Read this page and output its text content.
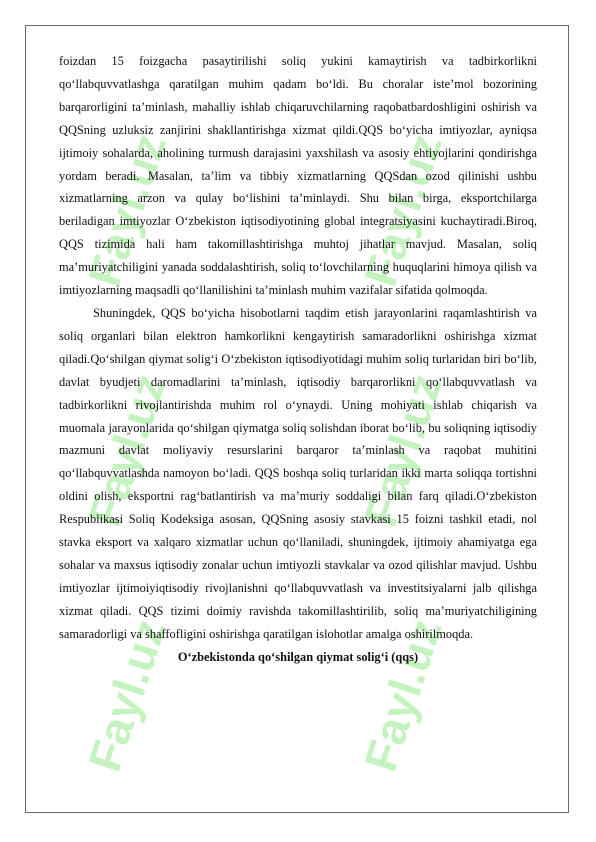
Fayl.uz	Fayl.uz
Fayl.uz	Fayl.uz
Fayl.uz	Fayl.uz

foizdan 15 foizgacha pasaytirilishi soliq yukini kamaytirish va tadbirkorlikni qo‘llabquvvatlashga qaratilgan muhim qadam bo‘ldi. Bu choralar iste’mol bozorining barqarorligini ta’minlash, mahalliy ishlab chiqaruvchilarning raqobatbardoshligini oshirish va QQSning uzluksiz zanjirini shakllantirishga xizmat qildi.QQS bo‘yicha imtiyozlar, ayniqsa ijtimoiy sohalarda, aholining turmush darajasini yaxshilash va asosiy ehtiyojlarini qondirishga yordam beradi. Masalan, ta’lim va tibbiy xizmatlarning QQSdan ozod qilinishi ushbu xizmatlarning arzon va qulay bo‘lishini ta’minlaydi. Shu bilan birga, eksportchilarga beriladigan imtiyozlar O‘zbekiston iqtisodiyotining global integratsiyasini kuchaytiradi.Biroq, QQS tizimida hali ham takomillashtirishga muhtoj jihatlar mavjud. Masalan, soliq ma’muriyatchiligini yanada soddalashtirish, soliq to‘lovchilarning huquqlarini himoya qilish va imtiyozlarning maqsadli qo‘llanilishini ta’minlash muhim vazifalar sifatida qolmoqda.

Shuningdek, QQS bo‘yicha hisobotlarni taqdim etish jarayonlarini raqamlashtirish va soliq organlari bilan elektron hamkorlikni kengaytirish samaradorlikni oshirishga xizmat qiladi.Qo‘shilgan qiymat solig‘i O‘zbekiston iqtisodiyotidagi muhim soliq turlaridan biri bo‘lib, davlat byudjeti daromadlarini ta’minlash, iqtisodiy barqarorlikni qo‘llabquvvatlash va tadbirkorlikni rivojlantirishda muhim rol o‘ynaydi. Uning mohiyati ishlab chiqarish va muomala jarayonlarida qo‘shilgan qiymatga soliq solishdan iborat bo‘lib, bu soliqning iqtisodiy mazmuni davlat moliyaviy resurslarini barqaror ta’minlash va raqobat muhitini qo‘llabquvvatlashda namoyon bo‘ladi. QQS boshqa soliq turlaridan ikki marta soliqqa tortishni oldini olish, eksportni rag‘batlantirish va ma’muriy soddaligi bilan farq qiladi.O‘zbekiston Respublikasi Soliq Kodeksiga asosan, QQSning asosiy stavkasi 15 foizni tashkil etadi, nol stavka eksport va xalqaro xizmatlar uchun qo‘llaniladi, shuningdek, ijtimoiy ahamiyatga ega sohalar va maxsus iqtisodiy zonalar uchun imtiyozli stavkalar va ozod qilishlar mavjud. Ushbu imtiyozlar ijtimoiyiqtisodiy rivojlanishni qo‘llabquvvatlash va investitsiyalarni jalb qilishga xizmat qiladi. QQS tizimi doimiy ravishda takomillashtirilib, soliq ma’muriyatchiligining samaradorligi va shaffofligini oshirishga qaratilgan islohotlar amalga oshirilmoqda.

O‘zbekistonda qo‘shilgan qiymat solig‘i (qqs)
